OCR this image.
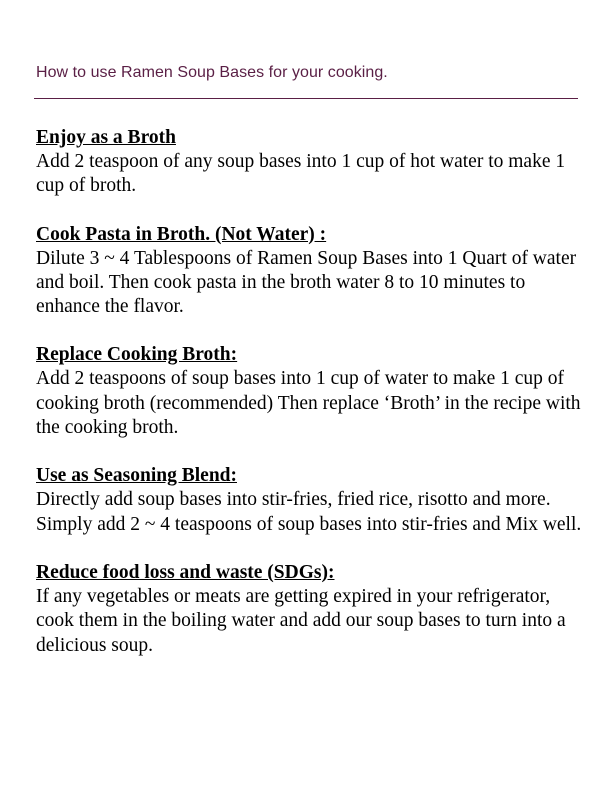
How to use Ramen Soup Bases for your cooking.

Enjoy as a Broth

Add 2 teaspoon of any soup bases into 1 cup of hot water to make 1 cup of broth.

Cook Pasta in Broth. (Not Water) :

Dilute 3 ~ 4 Tablespoons of Ramen Soup Bases into 1 Quart of water and boil. Then cook pasta in the broth water 8 to 10 minutes to enhance the flavor.

Replace Cooking Broth:

Add 2 teaspoons of soup bases into 1 cup of water to make 1 cup of cooking broth (recommended) Then replace ‘Broth’ in the recipe with the cooking broth.

Use as Seasoning Blend:

Directly add soup bases into stir-fries, fried rice, risotto and more.

Simply add 2 ~ 4 teaspoons of soup bases into stir-fries and Mix well.

Reduce food loss and waste (SDGs):

If any vegetables or meats are getting expired in your refrigerator, cook them in the boiling water and add our soup bases to turn into a delicious soup.
